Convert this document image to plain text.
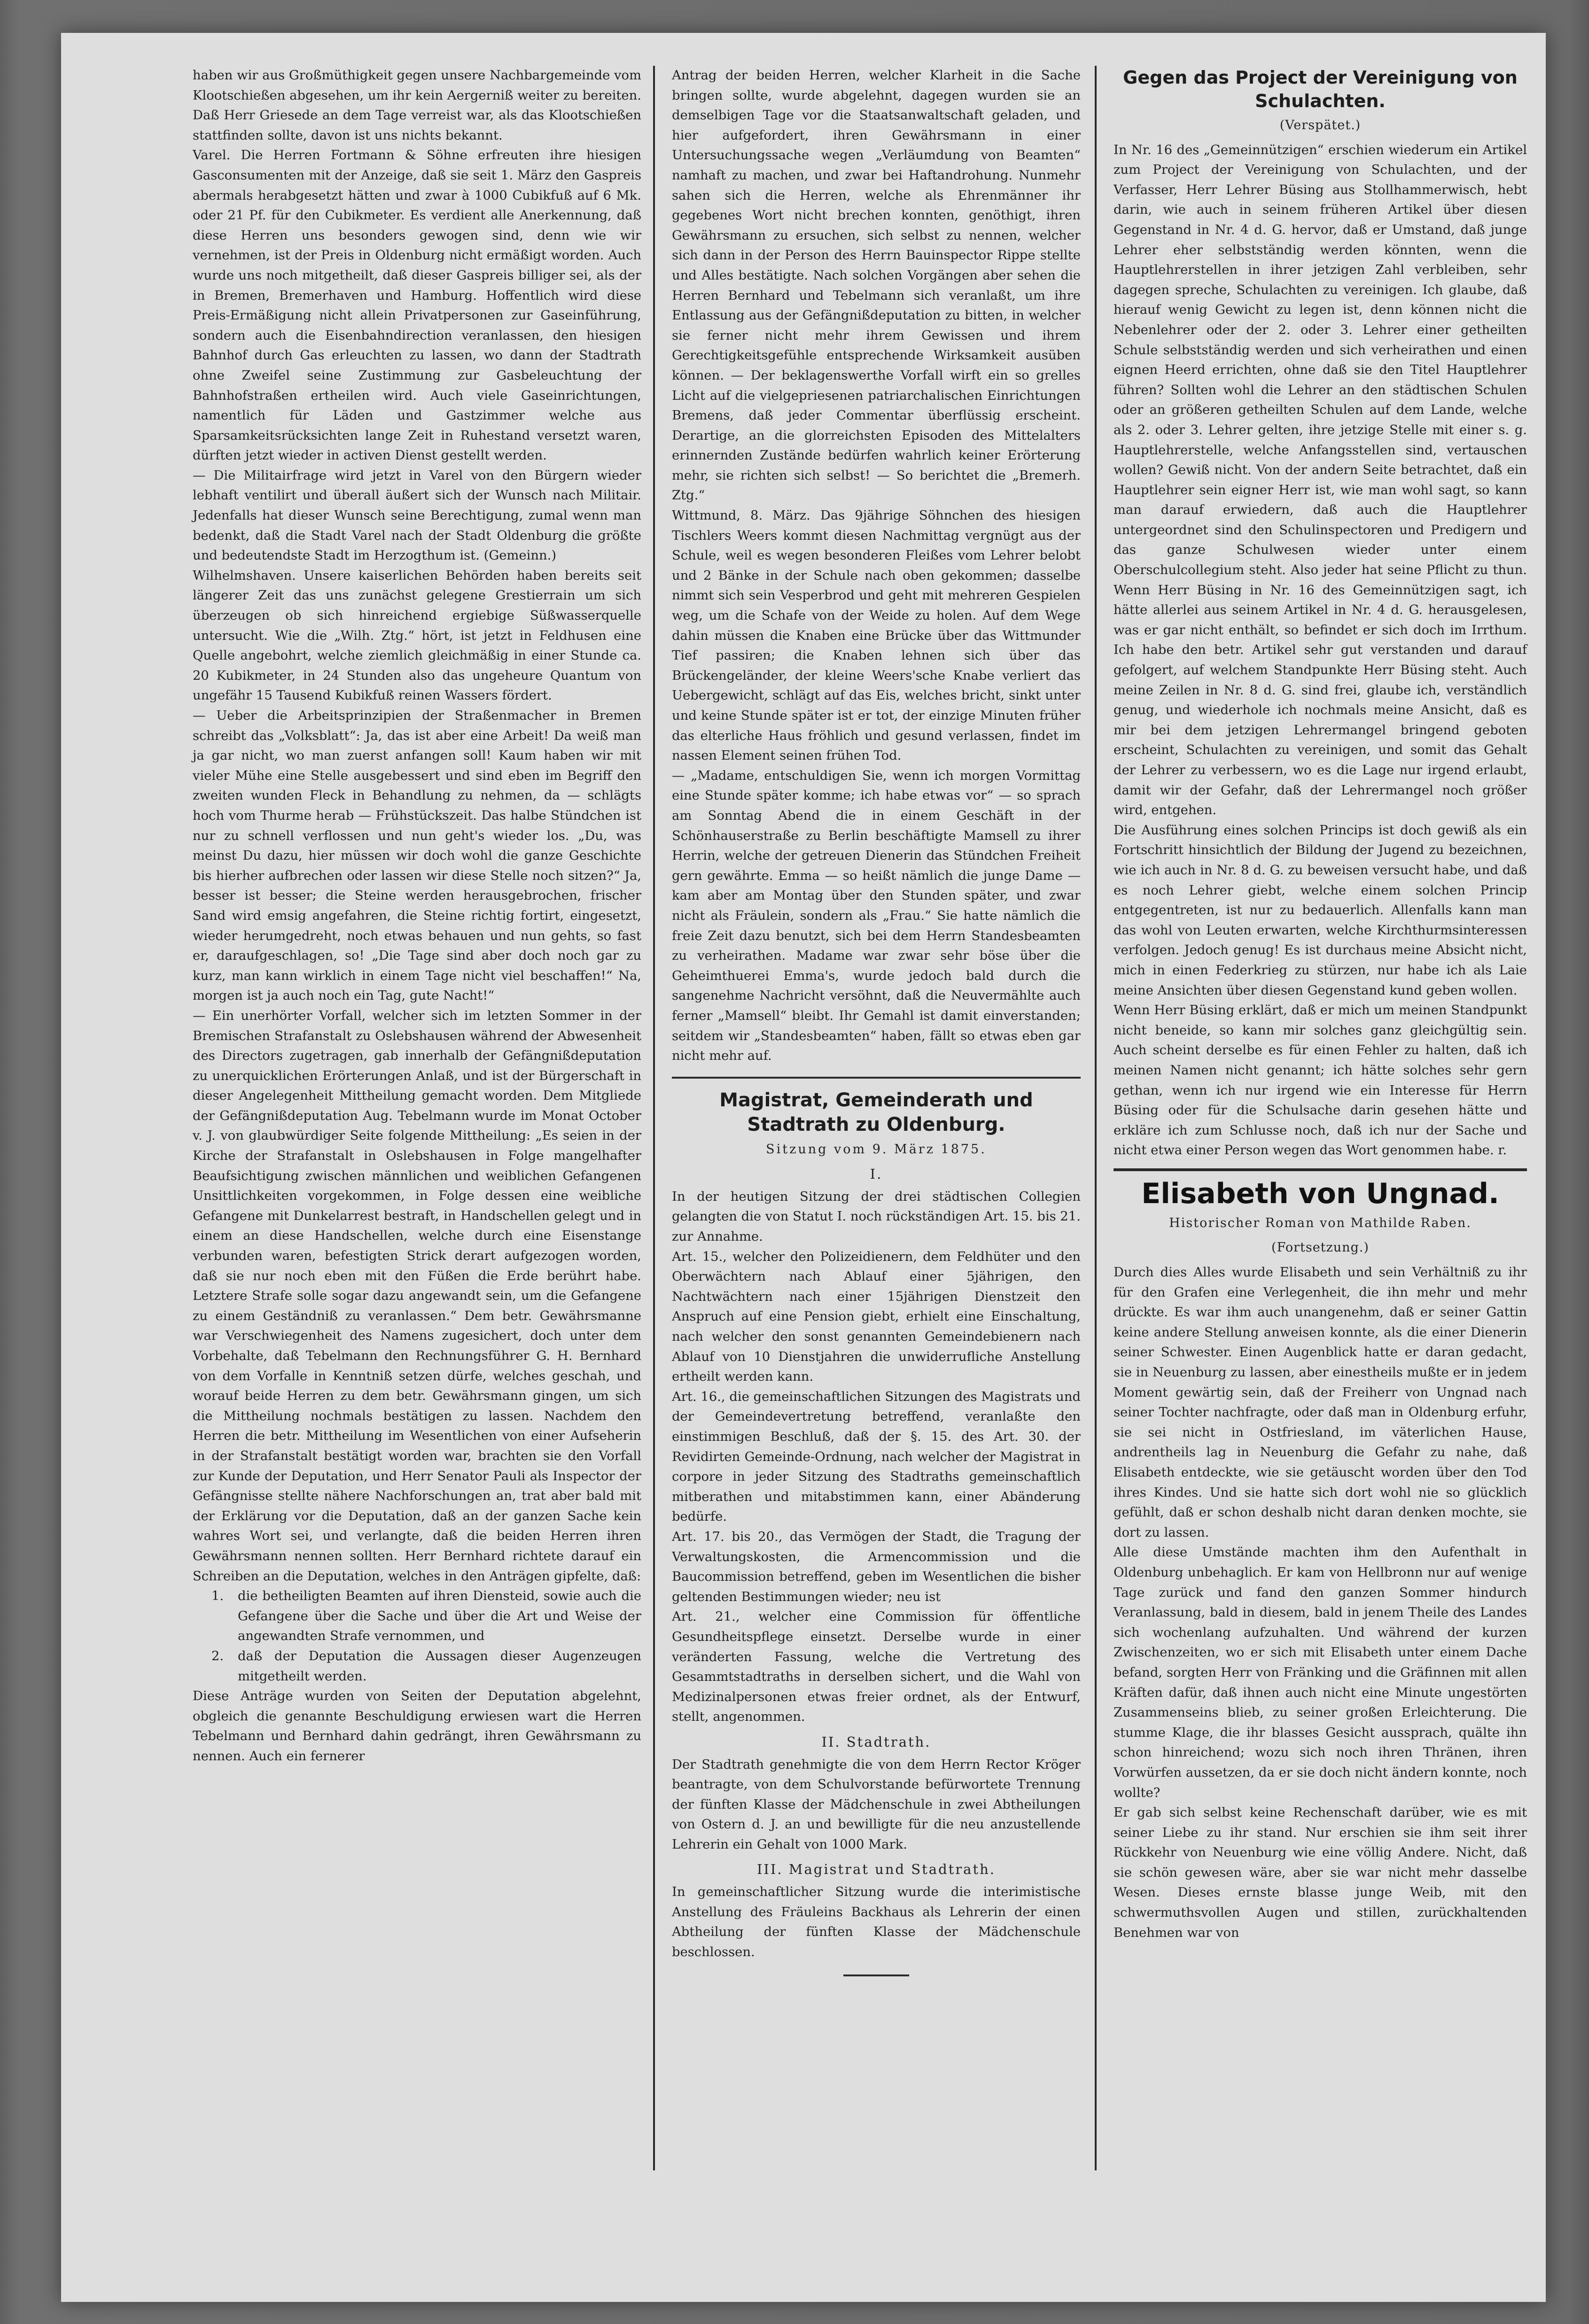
haben wir aus Großmüthigkeit gegen unsere Nachbargemeinde vom Klootschießen abgesehen, um ihr kein Aergerniß weiter zu bereiten. Daß Herr Griesede an dem Tage verreist war, als das Klootschießen stattfinden sollte, davon ist uns nichts bekannt.

Varel. Die Herren Fortmann & Söhne erfreuten ihre hiesigen Gasconsumenten mit der Anzeige, daß sie seit 1. März den Gaspreis abermals herabgesetzt hätten und zwar à 1000 Cubikfuß auf 6 Mk. oder 21 Pf. für den Cubikmeter. Es verdient alle Anerkennung, daß diese Herren uns besonders gewogen sind, denn wie wir vernehmen, ist der Preis in Oldenburg nicht ermäßigt worden. Auch wurde uns noch mitgetheilt, daß dieser Gaspreis billiger sei, als der in Bremen, Bremerhaven und Hamburg. Hoffentlich wird diese Preis-Ermäßigung nicht allein Privatpersonen zur Gaseinführung, sondern auch die Eisenbahndirection veranlassen, den hiesigen Bahnhof durch Gas erleuchten zu lassen, wo dann der Stadtrath ohne Zweifel seine Zustimmung zur Gasbeleuchtung der Bahnhofstraßen ertheilen wird. Auch viele Gaseinrichtungen, namentlich für Läden und Gastzimmer welche aus Sparsamkeitsrücksichten lange Zeit in Ruhestand versetzt waren, dürften jetzt wieder in activen Dienst gestellt werden.

— Die Militairfrage wird jetzt in Varel von den Bürgern wieder lebhaft ventilirt und überall äußert sich der Wunsch nach Militair. Jedenfalls hat dieser Wunsch seine Berechtigung, zumal wenn man bedenkt, daß die Stadt Varel nach der Stadt Oldenburg die größte und bedeutendste Stadt im Herzogthum ist. (Gemeinn.)

Wilhelmshaven. Unsere kaiserlichen Behörden haben bereits seit längerer Zeit das uns zunächst gelegene Grestierrain um sich überzeugen ob sich hinreichend ergiebige Süßwasserquelle untersucht. Wie die „Wilh. Ztg.“ hört, ist jetzt in Feldhusen eine Quelle angebohrt, welche ziemlich gleichmäßig in einer Stunde ca. 20 Kubikmeter, in 24 Stunden also das ungeheure Quantum von ungefähr 15 Tausend Kubikfuß reinen Wassers fördert.

— Ueber die Arbeitsprinzipien der Straßenmacher in Bremen schreibt das „Volksblatt“: Ja, das ist aber eine Arbeit! Da weiß man ja gar nicht, wo man zuerst anfangen soll! Kaum haben wir mit vieler Mühe eine Stelle ausgebessert und sind eben im Begriff den zweiten wunden Fleck in Behandlung zu nehmen, da — schlägts hoch vom Thurme herab — Frühstückszeit. Das halbe Stündchen ist nur zu schnell verflossen und nun geht's wieder los. „Du, was meinst Du dazu, hier müssen wir doch wohl die ganze Geschichte bis hierher aufbrechen oder lassen wir diese Stelle noch sitzen?“ Ja, besser ist besser; die Steine werden herausgebrochen, frischer Sand wird emsig angefahren, die Steine richtig fortirt, eingesetzt, wieder herumgedreht, noch etwas behauen und nun gehts, so fast er, daraufgeschlagen, so! „Die Tage sind aber doch noch gar zu kurz, man kann wirklich in einem Tage nicht viel beschaffen!“ Na, morgen ist ja auch noch ein Tag, gute Nacht!“

— Ein unerhörter Vorfall, welcher sich im letzten Sommer in der Bremischen Strafanstalt zu Oslebshausen während der Abwesenheit des Directors zugetragen, gab innerhalb der Gefängnißdeputation zu unerquicklichen Erörterungen Anlaß, und ist der Bürgerschaft in dieser Angelegenheit Mittheilung gemacht worden. Dem Mitgliede der Gefängnißdeputation Aug. Tebelmann wurde im Monat October v. J. von glaubwürdiger Seite folgende Mittheilung: „Es seien in der Kirche der Strafanstalt in Oslebshausen in Folge mangelhafter Beaufsichtigung zwischen männlichen und weiblichen Gefangenen Unsittlichkeiten vorgekommen, in Folge dessen eine weibliche Gefangene mit Dunkelarrest bestraft, in Handschellen gelegt und in einem an diese Handschellen, welche durch eine Eisenstange verbunden waren, befestigten Strick derart aufgezogen worden, daß sie nur noch eben mit den Füßen die Erde berührt habe. Letztere Strafe solle sogar dazu angewandt sein, um die Gefangene zu einem Geständniß zu veranlassen.“ Dem betr. Gewährsmanne war Verschwiegenheit des Namens zugesichert, doch unter dem Vorbehalte, daß Tebelmann den Rechnungsführer G. H. Bernhard von dem Vorfalle in Kenntniß setzen dürfe, welches geschah, und worauf beide Herren zu dem betr. Gewährsmann gingen, um sich die Mittheilung nochmals bestätigen zu lassen. Nachdem den Herren die betr. Mittheilung im Wesentlichen von einer Aufseherin in der Strafanstalt bestätigt worden war, brachten sie den Vorfall zur Kunde der Deputation, und Herr Senator Pauli als Inspector der Gefängnisse stellte nähere Nachforschungen an, trat aber bald mit der Erklärung vor die Deputation, daß an der ganzen Sache kein wahres Wort sei, und verlangte, daß die beiden Herren ihren Gewährsmann nennen sollten. Herr Bernhard richtete darauf ein Schreiben an die Deputation, welches in den Anträgen gipfelte, daß:

1. die betheiligten Beamten auf ihren Diensteid, sowie auch die Gefangene über die Sache und über die Art und Weise der angewandten Strafe vernommen, und

2. daß der Deputation die Aussagen dieser Augenzeugen mitgetheilt werden.

Diese Anträge wurden von Seiten der Deputation abgelehnt, obgleich die genannte Beschuldigung erwiesen wart die Herren Tebelmann und Bernhard dahin gedrängt, ihren Gewährsmann zu nennen. Auch ein fernerer

Antrag der beiden Herren, welcher Klarheit in die Sache bringen sollte, wurde abgelehnt, dagegen wurden sie an demselbigen Tage vor die Staatsanwaltschaft geladen, und hier aufgefordert, ihren Gewährsmann in einer Untersuchungssache wegen „Verläumdung von Beamten“ namhaft zu machen, und zwar bei Haftandrohung. Nunmehr sahen sich die Herren, welche als Ehrenmänner ihr gegebenes Wort nicht brechen konnten, genöthigt, ihren Gewährsmann zu ersuchen, sich selbst zu nennen, welcher sich dann in der Person des Herrn Bauinspector Rippe stellte und Alles bestätigte. Nach solchen Vorgängen aber sehen die Herren Bernhard und Tebelmann sich veranlaßt, um ihre Entlassung aus der Gefängnißdeputation zu bitten, in welcher sie ferner nicht mehr ihrem Gewissen und ihrem Gerechtigkeitsgefühle entsprechende Wirksamkeit ausüben können. — Der beklagenswerthe Vorfall wirft ein so grelles Licht auf die vielgepriesenen patriarchalischen Einrichtungen Bremens, daß jeder Commentar überflüssig erscheint. Derartige, an die glorreichsten Episoden des Mittelalters erinnernden Zustände bedürfen wahrlich keiner Erörterung mehr, sie richten sich selbst! — So berichtet die „Bremerh. Ztg.“

Wittmund, 8. März. Das 9jährige Söhnchen des hiesigen Tischlers Weers kommt diesen Nachmittag vergnügt aus der Schule, weil es wegen besonderen Fleißes vom Lehrer belobt und 2 Bänke in der Schule nach oben gekommen; dasselbe nimmt sich sein Vesperbrod und geht mit mehreren Gespielen weg, um die Schafe von der Weide zu holen. Auf dem Wege dahin müssen die Knaben eine Brücke über das Wittmunder Tief passiren; die Knaben lehnen sich über das Brückengeländer, der kleine Weers'sche Knabe verliert das Uebergewicht, schlägt auf das Eis, welches bricht, sinkt unter und keine Stunde später ist er tot, der einzige Minuten früher das elterliche Haus fröhlich und gesund verlassen, findet im nassen Element seinen frühen Tod.

— „Madame, entschuldigen Sie, wenn ich morgen Vormittag eine Stunde später komme; ich habe etwas vor“ — so sprach am Sonntag Abend die in einem Geschäft in der Schönhauserstraße zu Berlin beschäftigte Mamsell zu ihrer Herrin, welche der getreuen Dienerin das Stündchen Freiheit gern gewährte. Emma — so heißt nämlich die junge Dame — kam aber am Montag über den Stunden später, und zwar nicht als Fräulein, sondern als „Frau.“ Sie hatte nämlich die freie Zeit dazu benutzt, sich bei dem Herrn Standesbeamten zu verheirathen. Madame war zwar sehr böse über die Geheimthuerei Emma's, wurde jedoch bald durch die sangenehme Nachricht versöhnt, daß die Neuvermählte auch ferner „Mamsell“ bleibt. Ihr Gemahl ist damit einverstanden; seitdem wir „Standesbeamten“ haben, fällt so etwas eben gar nicht mehr auf.

Magistrat, Gemeinderath und Stadtrath zu Oldenburg.
Sitzung vom 9. März 1875.
I.

In der heutigen Sitzung der drei städtischen Collegien gelangten die von Statut I. noch rückständigen Art. 15. bis 21. zur Annahme.

Art. 15., welcher den Polizeidienern, dem Feldhüter und den Oberwächtern nach Ablauf einer 5jährigen, den Nachtwächtern nach einer 15jährigen Dienstzeit den Anspruch auf eine Pension giebt, erhielt eine Einschaltung, nach welcher den sonst genannten Gemeindebienern nach Ablauf von 10 Dienstjahren die unwiderrufliche Anstellung ertheilt werden kann.

Art. 16., die gemeinschaftlichen Sitzungen des Magistrats und der Gemeindevertretung betreffend, veranlaßte den einstimmigen Beschluß, daß der §. 15. des Art. 30. der Revidirten Gemeinde-Ordnung, nach welcher der Magistrat in corpore in jeder Sitzung des Stadtraths gemeinschaftlich mitberathen und mitabstimmen kann, einer Abänderung bedürfe.

Art. 17. bis 20., das Vermögen der Stadt, die Tragung der Verwaltungskosten, die Armencommission und die Baucommission betreffend, geben im Wesentlichen die bisher geltenden Bestimmungen wieder; neu ist

Art. 21., welcher eine Commission für öffentliche Gesundheitspflege einsetzt. Derselbe wurde in einer veränderten Fassung, welche die Vertretung des Gesammtstadtraths in derselben sichert, und die Wahl von Medizinalpersonen etwas freier ordnet, als der Entwurf, stellt, angenommen.

II. Stadtrath.

Der Stadtrath genehmigte die von dem Herrn Rector Kröger beantragte, von dem Schulvorstande befürwortete Trennung der fünften Klasse der Mädchenschule in zwei Abtheilungen von Ostern d. J. an und bewilligte für die neu anzustellende Lehrerin ein Gehalt von 1000 Mark.

III. Magistrat und Stadtrath.

In gemeinschaftlicher Sitzung wurde die interimistische Anstellung des Fräuleins Backhaus als Lehrerin der einen Abtheilung der fünften Klasse der Mädchenschule beschlossen.

Gegen das Project der Vereinigung von Schulachten.
(Verspätet.)

In Nr. 16 des „Gemeinnützigen“ erschien wiederum ein Artikel zum Project der Vereinigung von Schulachten, und der Verfasser, Herr Lehrer Büsing aus Stollhammerwisch, hebt darin, wie auch in seinem früheren Artikel über diesen Gegenstand in Nr. 4 d. G. hervor, daß er Umstand, daß junge Lehrer eher selbstständig werden könnten, wenn die Hauptlehrerstellen in ihrer jetzigen Zahl verbleiben, sehr dagegen spreche, Schulachten zu vereinigen. Ich glaube, daß hierauf wenig Gewicht zu legen ist, denn können nicht die Nebenlehrer oder der 2. oder 3. Lehrer einer getheilten Schule selbstständig werden und sich verheirathen und einen eignen Heerd errichten, ohne daß sie den Titel Hauptlehrer führen? Sollten wohl die Lehrer an den städtischen Schulen oder an größeren getheilten Schulen auf dem Lande, welche als 2. oder 3. Lehrer gelten, ihre jetzige Stelle mit einer s. g. Hauptlehrerstelle, welche Anfangsstellen sind, vertauschen wollen? Gewiß nicht. Von der andern Seite betrachtet, daß ein Hauptlehrer sein eigner Herr ist, wie man wohl sagt, so kann man darauf erwiedern, daß auch die Hauptlehrer untergeordnet sind den Schulinspectoren und Predigern und das ganze Schulwesen wieder unter einem Oberschulcollegium steht. Also jeder hat seine Pflicht zu thun. Wenn Herr Büsing in Nr. 16 des Gemeinnützigen sagt, ich hätte allerlei aus seinem Artikel in Nr. 4 d. G. herausgelesen, was er gar nicht enthält, so befindet er sich doch im Irrthum. Ich habe den betr. Artikel sehr gut verstanden und darauf gefolgert, auf welchem Standpunkte Herr Büsing steht. Auch meine Zeilen in Nr. 8 d. G. sind frei, glaube ich, verständlich genug, und wiederhole ich nochmals meine Ansicht, daß es mir bei dem jetzigen Lehrermangel bringend geboten erscheint, Schulachten zu vereinigen, und somit das Gehalt der Lehrer zu verbessern, wo es die Lage nur irgend erlaubt, damit wir der Gefahr, daß der Lehrermangel noch größer wird, entgehen.

Die Ausführung eines solchen Princips ist doch gewiß als ein Fortschritt hinsichtlich der Bildung der Jugend zu bezeichnen, wie ich auch in Nr. 8 d. G. zu beweisen versucht habe, und daß es noch Lehrer giebt, welche einem solchen Princip entgegentreten, ist nur zu bedauerlich. Allenfalls kann man das wohl von Leuten erwarten, welche Kirchthurmsinteressen verfolgen. Jedoch genug! Es ist durchaus meine Absicht nicht, mich in einen Federkrieg zu stürzen, nur habe ich als Laie meine Ansichten über diesen Gegenstand kund geben wollen.

Wenn Herr Büsing erklärt, daß er mich um meinen Standpunkt nicht beneide, so kann mir solches ganz gleichgültig sein. Auch scheint derselbe es für einen Fehler zu halten, daß ich meinen Namen nicht genannt; ich hätte solches sehr gern gethan, wenn ich nur irgend wie ein Interesse für Herrn Büsing oder für die Schulsache darin gesehen hätte und erkläre ich zum Schlusse noch, daß ich nur der Sache und nicht etwa einer Person wegen das Wort genommen habe. r.

Elisabeth von Ungnad.
Historischer Roman von Mathilde Raben.
(Fortsetzung.)

Durch dies Alles wurde Elisabeth und sein Verhältniß zu ihr für den Grafen eine Verlegenheit, die ihn mehr und mehr drückte. Es war ihm auch unangenehm, daß er seiner Gattin keine andere Stellung anweisen konnte, als die einer Dienerin seiner Schwester. Einen Augenblick hatte er daran gedacht, sie in Neuenburg zu lassen, aber einestheils mußte er in jedem Moment gewärtig sein, daß der Freiherr von Ungnad nach seiner Tochter nachfragte, oder daß man in Oldenburg erfuhr, sie sei nicht in Ostfriesland, im väterlichen Hause, andrentheils lag in Neuenburg die Gefahr zu nahe, daß Elisabeth entdeckte, wie sie getäuscht worden über den Tod ihres Kindes. Und sie hatte sich dort wohl nie so glücklich gefühlt, daß er schon deshalb nicht daran denken mochte, sie dort zu lassen.

Alle diese Umstände machten ihm den Aufenthalt in Oldenburg unbehaglich. Er kam von Hellbronn nur auf wenige Tage zurück und fand den ganzen Sommer hindurch Veranlassung, bald in diesem, bald in jenem Theile des Landes sich wochenlang aufzuhalten. Und während der kurzen Zwischenzeiten, wo er sich mit Elisabeth unter einem Dache befand, sorgten Herr von Fränking und die Gräfinnen mit allen Kräften dafür, daß ihnen auch nicht eine Minute ungestörten Zusammenseins blieb, zu seiner großen Erleichterung. Die stumme Klage, die ihr blasses Gesicht aussprach, quälte ihn schon hinreichend; wozu sich noch ihren Thränen, ihren Vorwürfen aussetzen, da er sie doch nicht ändern konnte, noch wollte?

Er gab sich selbst keine Rechenschaft darüber, wie es mit seiner Liebe zu ihr stand. Nur erschien sie ihm seit ihrer Rückkehr von Neuenburg wie eine völlig Andere. Nicht, daß sie schön gewesen wäre, aber sie war nicht mehr dasselbe Wesen. Dieses ernste blasse junge Weib, mit den schwermuthsvollen Augen und stillen, zurückhaltenden Benehmen war von
